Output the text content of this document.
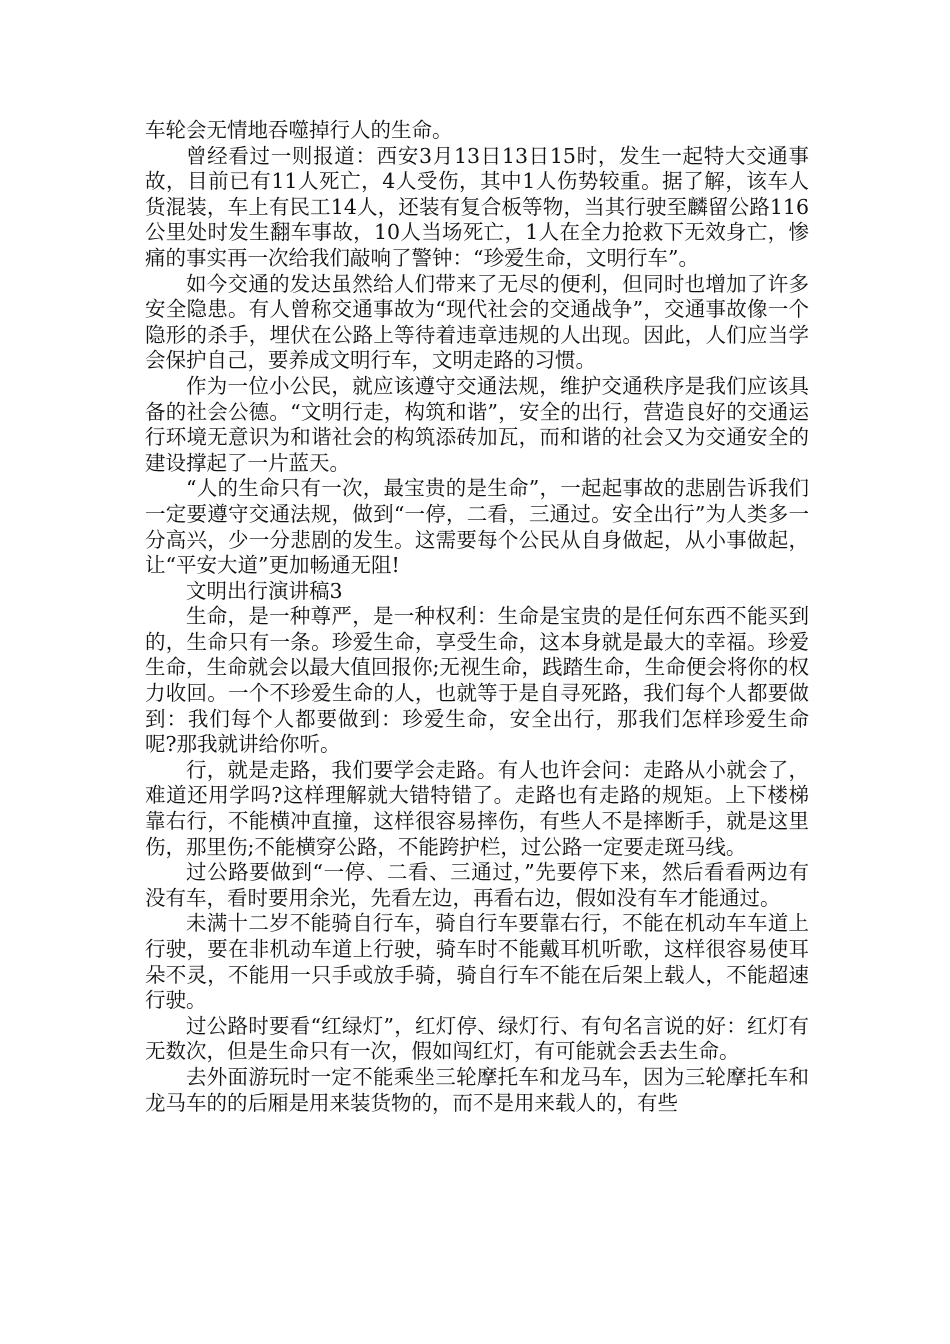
车轮会无情地吞噬掉行人的生命。

曾经看过一则报道：西安3月13日13日15时，发生一起特大交通事故，目前已有11人死亡，4人受伤，其中1人伤势较重。据了解，该车人货混装，车上有民工14人，还装有复合板等物，当其行驶至麟留公路116公里处时发生翻车事故，10人当场死亡，1人在全力抢救下无效身亡，惨痛的事实再一次给我们敲响了警钟：“珍爱生命，文明行车”。

如今交通的发达虽然给人们带来了无尽的便利，但同时也增加了许多安全隐患。有人曾称交通事故为“现代社会的交通战争”，交通事故像一个隐形的杀手，埋伏在公路上等待着违章违规的人出现。因此，人们应当学会保护自己，要养成文明行车，文明走路的习惯。

作为一位小公民，就应该遵守交通法规，维护交通秩序是我们应该具备的社会公德。“文明行走，构筑和谐”，安全的出行，营造良好的交通运行环境无意识为和谐社会的构筑添砖加瓦，而和谐的社会又为交通安全的建设撑起了一片蓝天。

“人的生命只有一次，最宝贵的是生命”，一起起事故的悲剧告诉我们一定要遵守交通法规，做到“一停，二看，三通过。安全出行”为人类多一分高兴，少一分悲剧的发生。这需要每个公民从自身做起，从小事做起，让“平安大道”更加畅通无阻!

文明出行演讲稿3

生命，是一种尊严，是一种权利：生命是宝贵的是任何东西不能买到的，生命只有一条。珍爱生命，享受生命，这本身就是最大的幸福。珍爱生命，生命就会以最大值回报你;无视生命，践踏生命，生命便会将你的权力收回。一个不珍爱生命的人，也就等于是自寻死路，我们每个人都要做到：我们每个人都要做到：珍爱生命，安全出行，那我们怎样珍爱生命呢?那我就讲给你听。

行，就是走路，我们要学会走路。有人也许会问：走路从小就会了，难道还用学吗?这样理解就大错特错了。走路也有走路的规矩。上下楼梯靠右行，不能横冲直撞，这样很容易摔伤，有些人不是摔断手，就是这里伤，那里伤;不能横穿公路，不能跨护栏，过公路一定要走斑马线。

过公路要做到“一停、二看、三通过，”先要停下来，然后看看两边有没有车，看时要用余光，先看左边，再看右边，假如没有车才能通过。

未满十二岁不能骑自行车，骑自行车要靠右行，不能在机动车车道上行驶，要在非机动车道上行驶，骑车时不能戴耳机听歌，这样很容易使耳朵不灵，不能用一只手或放手骑，骑自行车不能在后架上载人，不能超速行驶。

过公路时要看“红绿灯”，红灯停、绿灯行、有句名言说的好：红灯有无数次，但是生命只有一次，假如闯红灯，有可能就会丢去生命。

去外面游玩时一定不能乘坐三轮摩托车和龙马车，因为三轮摩托车和龙马车的的后厢是用来装货物的，而不是用来载人的，有些
